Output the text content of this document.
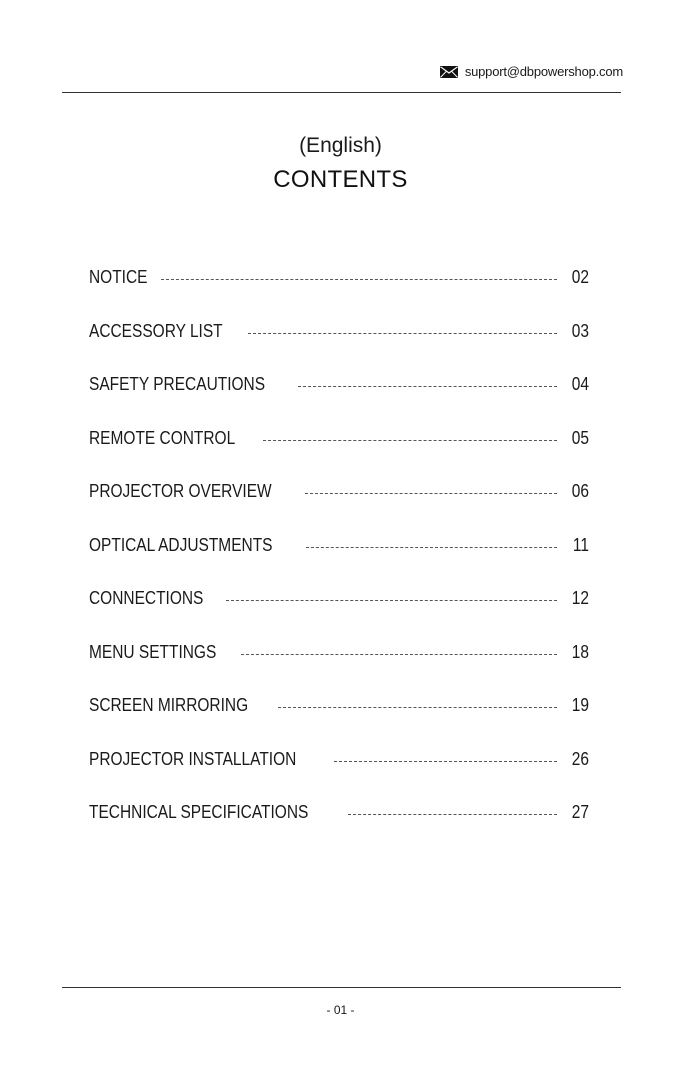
support@dbpowershop.com
(English)
CONTENTS
NOTICE	02
ACCESSORY LIST	03
SAFETY PRECAUTIONS	04
REMOTE CONTROL	05
PROJECTOR OVERVIEW	06
OPTICAL ADJUSTMENTS	11
CONNECTIONS	12
MENU SETTINGS	18
SCREEN MIRRORING	19
PROJECTOR INSTALLATION	26
TECHNICAL SPECIFICATIONS	27
- 01 -
